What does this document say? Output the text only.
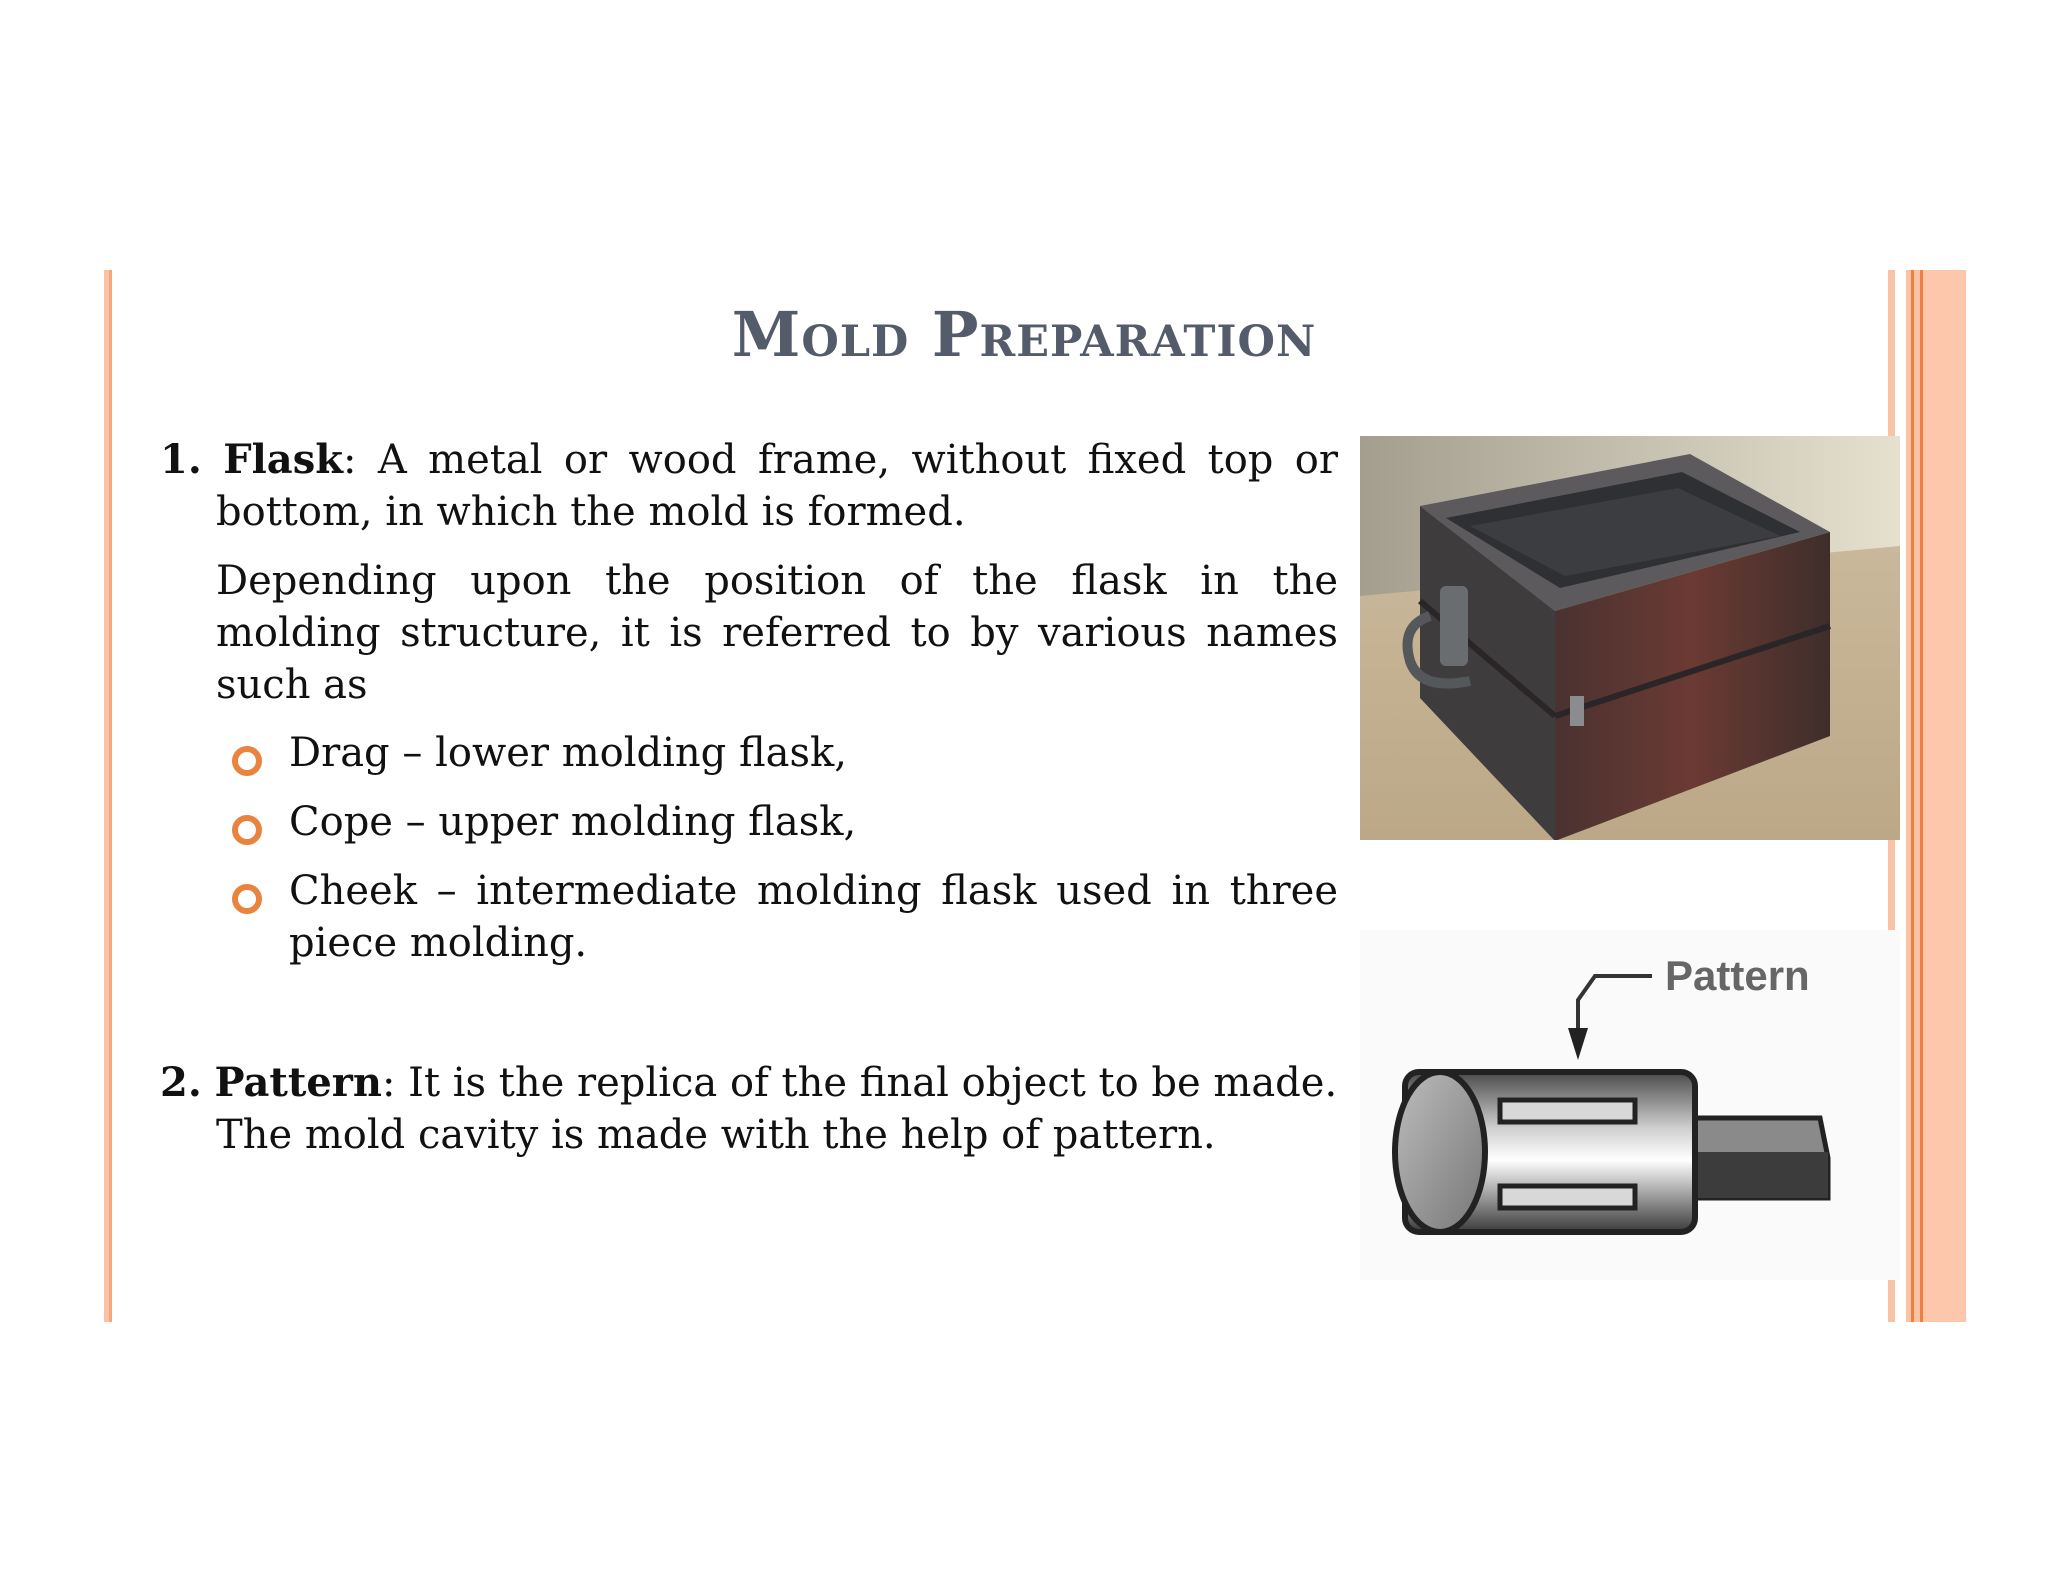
Mold Preparation
1. Flask: A metal or wood frame, without fixed top or
bottom, in which the mold is formed.
Depending upon the position of the flask in the
molding structure, it is referred to by various names
such as
Drag – lower molding flask,
Cope – upper molding flask,
Cheek – intermediate molding flask used in three
piece molding.
2. Pattern: It is the replica of the final object to be made.
The mold cavity is made with the help of pattern.
Pattern
